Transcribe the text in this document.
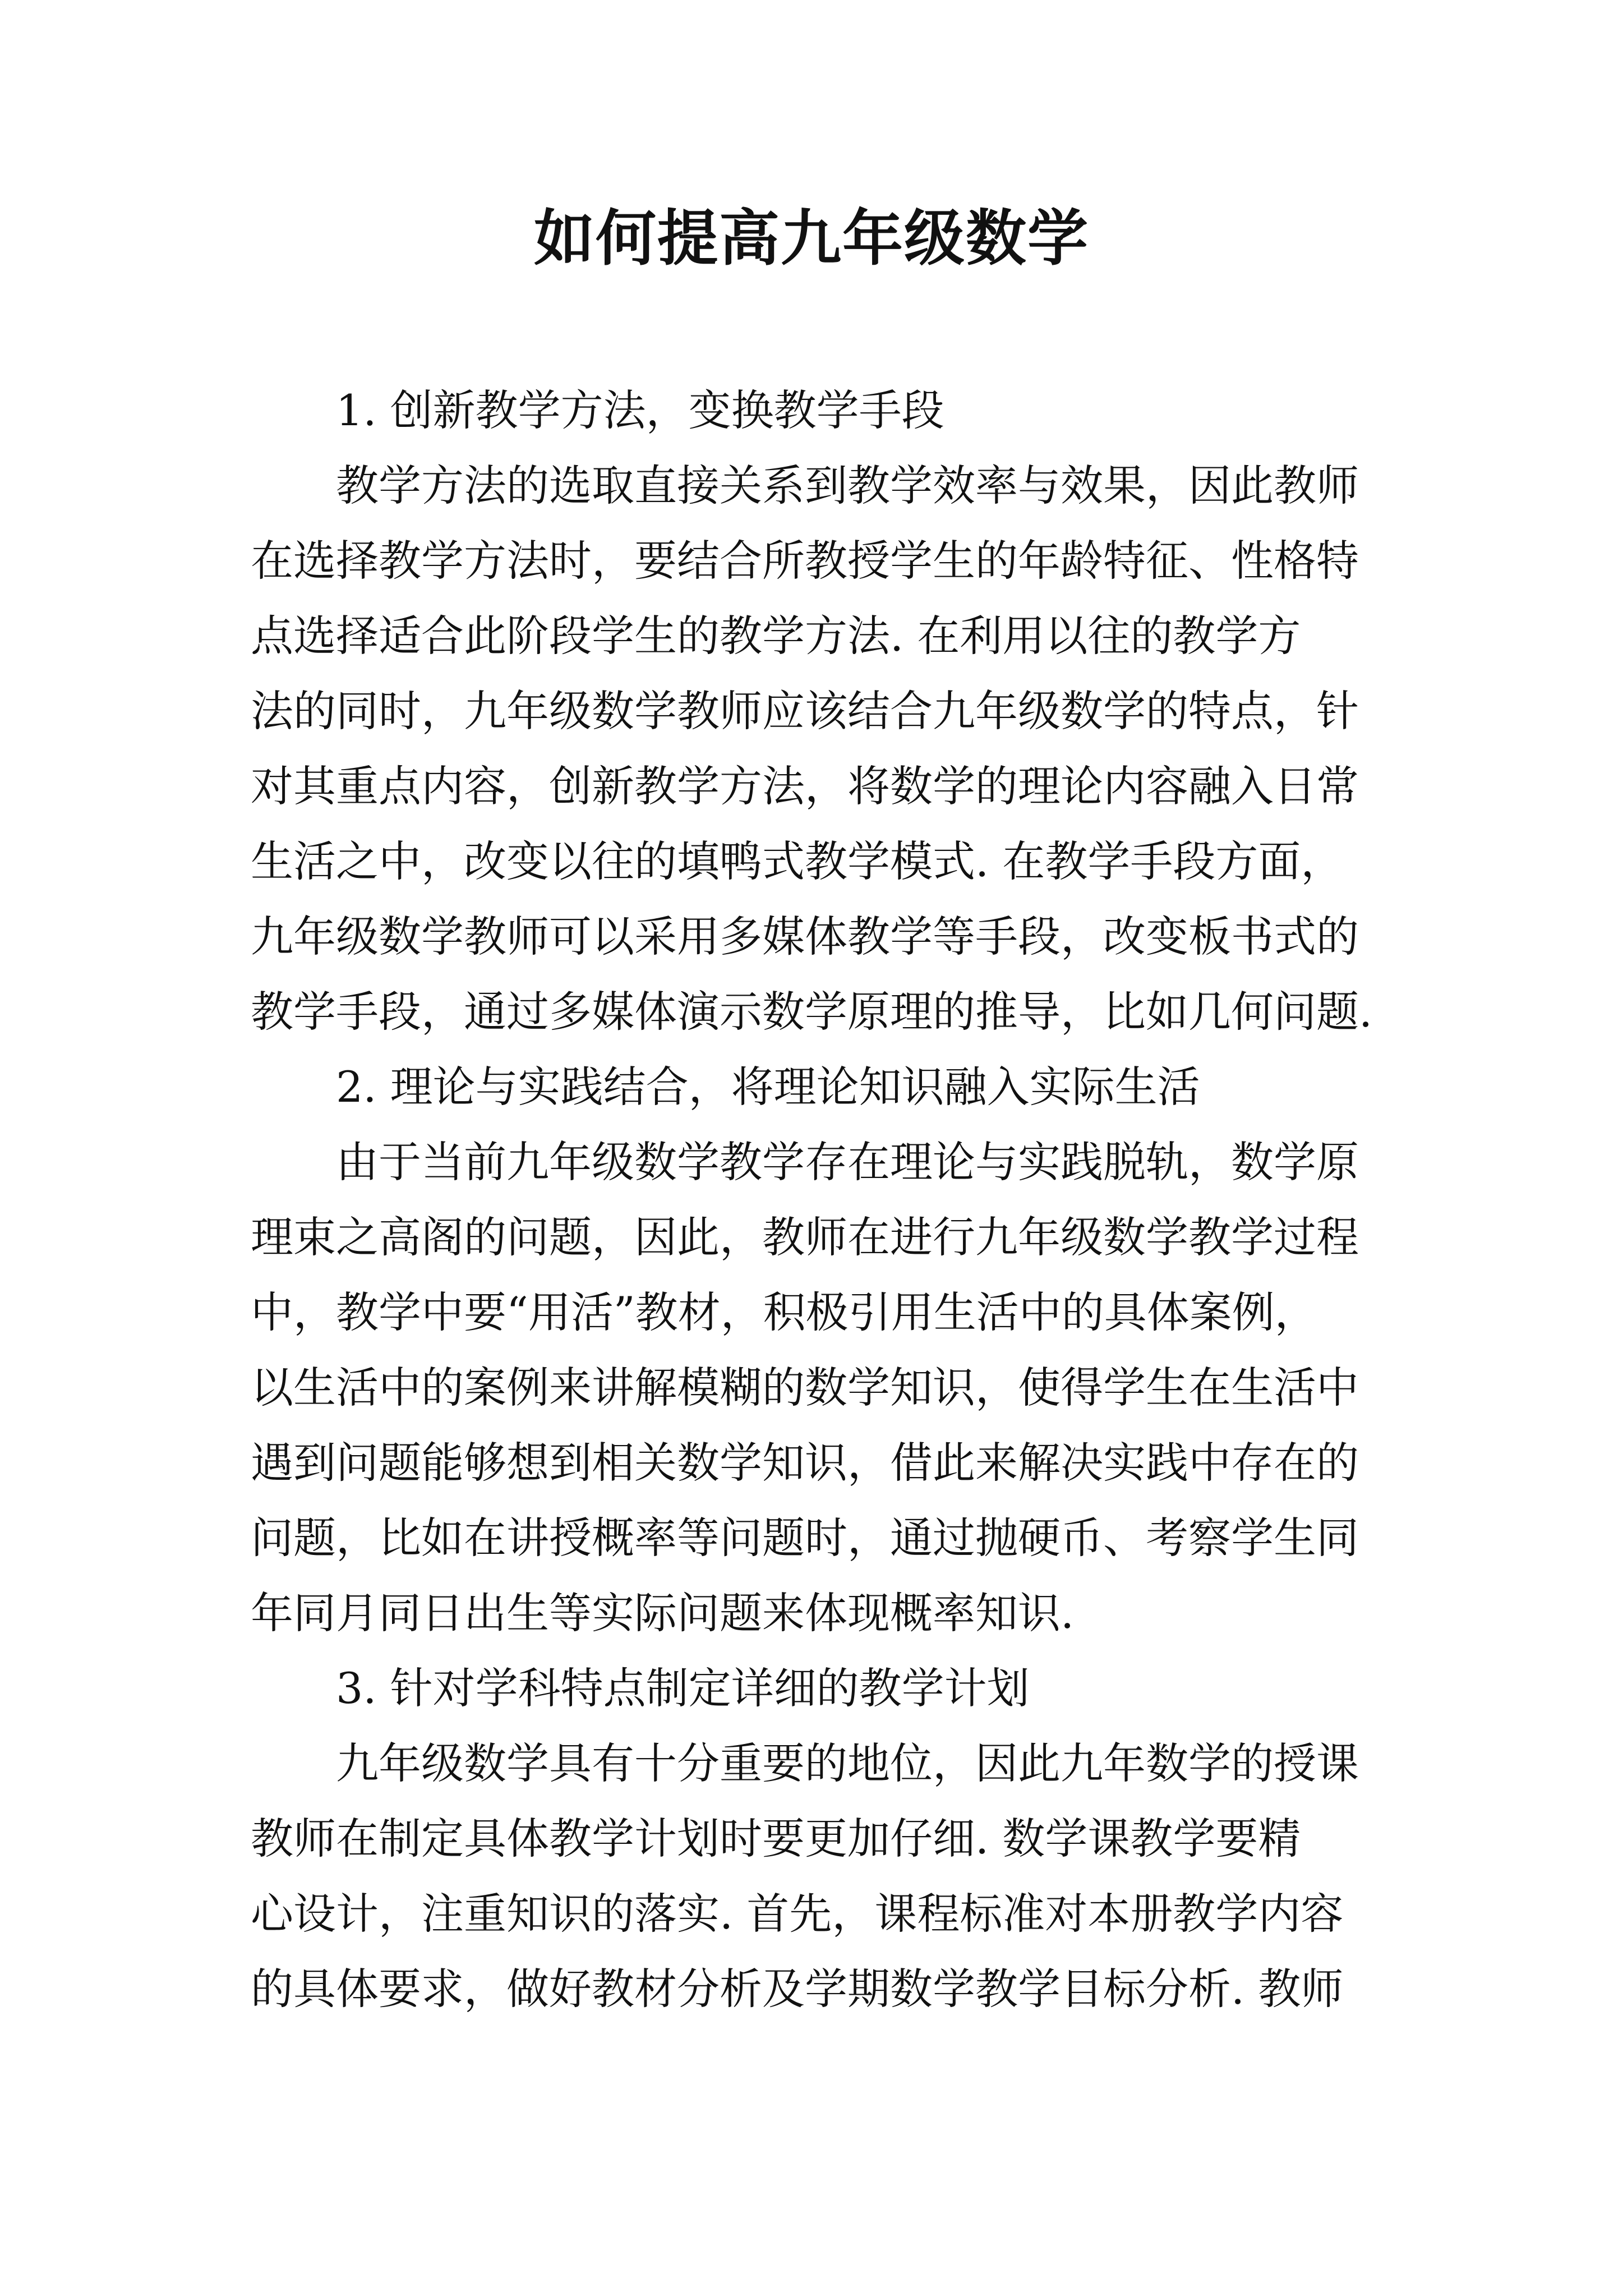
如何提高九年级数学
1. 创新教学方法，变换教学手段
教学方法的选取直接关系到教学效率与效果，因此教师
在选择教学方法时，要结合所教授学生的年龄特征、性格特
点选择适合此阶段学生的教学方法. 在利用以往的教学方
法的同时，九年级数学教师应该结合九年级数学的特点，针
对其重点内容，创新教学方法，将数学的理论内容融入日常
生活之中，改变以往的填鸭式教学模式. 在教学手段方面，
九年级数学教师可以采用多媒体教学等手段，改变板书式的
教学手段，通过多媒体演示数学原理的推导，比如几何问题.
2. 理论与实践结合，将理论知识融入实际生活
由于当前九年级数学教学存在理论与实践脱轨，数学原
理束之高阁的问题，因此，教师在进行九年级数学教学过程
中，教学中要“用活”教材，积极引用生活中的具体案例，
以生活中的案例来讲解模糊的数学知识，使得学生在生活中
遇到问题能够想到相关数学知识，借此来解决实践中存在的
问题，比如在讲授概率等问题时，通过抛硬币、考察学生同
年同月同日出生等实际问题来体现概率知识.
3. 针对学科特点制定详细的教学计划
九年级数学具有十分重要的地位，因此九年数学的授课
教师在制定具体教学计划时要更加仔细. 数学课教学要精
心设计，注重知识的落实. 首先，课程标准对本册教学内容
的具体要求，做好教材分析及学期数学教学目标分析. 教师
